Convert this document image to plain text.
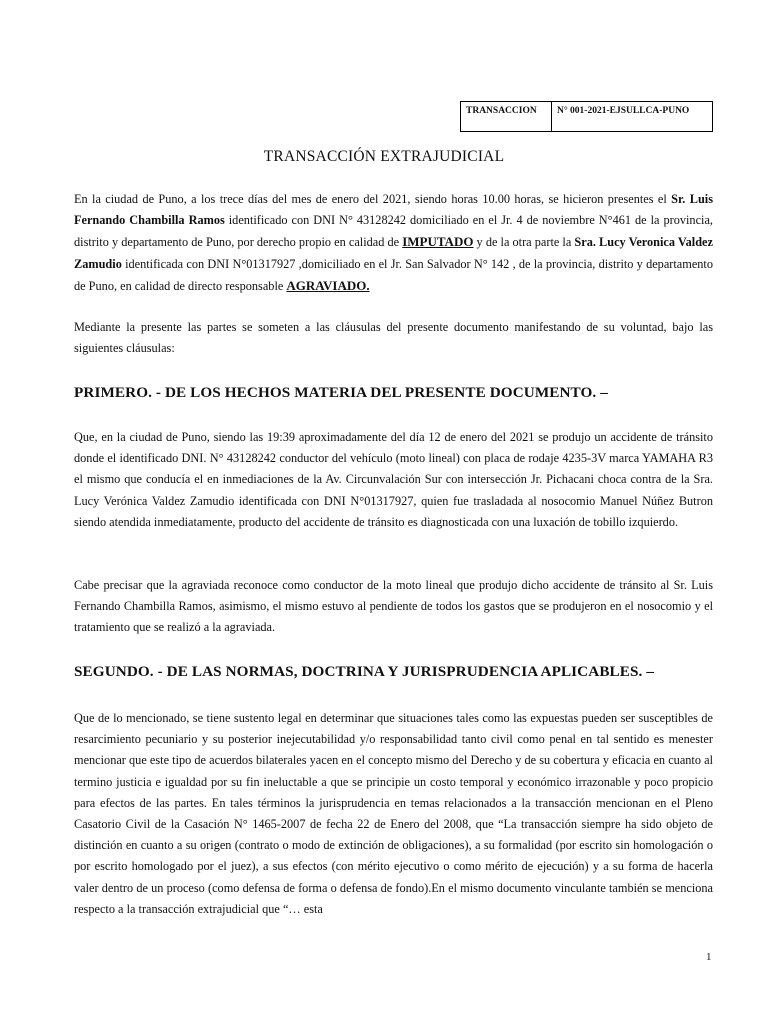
TRANSACCION	N° 001-2021-EJSULLCA-PUNO
TRANSACCIÓN EXTRAJUDICIAL

En la ciudad de Puno, a los trece días del mes de enero del 2021, siendo horas 10.00 horas, se hicieron presentes el Sr. Luis Fernando Chambilla Ramos identificado con DNI N° 43128242 domiciliado en el Jr. 4 de noviembre N°461 de la provincia, distrito y departamento de Puno, por derecho propio en calidad de IMPUTADO y de la otra parte la Sra. Lucy Veronica Valdez Zamudio identificada con DNI N°01317927 ,domiciliado en el Jr. San Salvador N° 142 , de la provincia, distrito y departamento de Puno, en calidad de directo responsable AGRAVIADO.

Mediante la presente las partes se someten a las cláusulas del presente documento manifestando de su voluntad, bajo las siguientes cláusulas:

PRIMERO. - DE LOS HECHOS MATERIA DEL PRESENTE DOCUMENTO. –

Que, en la ciudad de Puno, siendo las 19:39 aproximadamente del día 12 de enero del 2021 se produjo un accidente de tránsito donde el identificado DNI. N° 43128242 conductor del vehículo (moto lineal) con placa de rodaje 4235-3V marca YAMAHA R3 el mismo que conducía el en inmediaciones de la Av. Circunvalación Sur con intersección Jr. Pichacani choca contra de la Sra. Lucy Verónica Valdez Zamudio identificada con DNI N°01317927, quien fue trasladada al nosocomio Manuel Núñez Butron siendo atendida inmediatamente, producto del accidente de tránsito es diagnosticada con una luxación de tobillo izquierdo.

Cabe precisar que la agraviada reconoce como conductor de la moto lineal que produjo dicho accidente de tránsito al Sr. Luis Fernando Chambilla Ramos, asimismo, el mismo estuvo al pendiente de todos los gastos que se produjeron en el nosocomio y el tratamiento que se realizó a la agraviada.

SEGUNDO. - DE LAS NORMAS, DOCTRINA Y JURISPRUDENCIA APLICABLES. –

Que de lo mencionado, se tiene sustento legal en determinar que situaciones tales como las expuestas pueden ser susceptibles de resarcimiento pecuniario y su posterior inejecutabilidad y/o responsabilidad tanto civil como penal en tal sentido es menester mencionar que este tipo de acuerdos bilaterales yacen en el concepto mismo del Derecho y de su cobertura y eficacia en cuanto al termino justicia e igualdad por su fin ineluctable a que se principie un costo temporal y económico irrazonable y poco propicio para efectos de las partes. En tales términos la jurisprudencia en temas relacionados a la transacción mencionan en el Pleno Casatorio Civil de la Casación N° 1465-2007 de fecha 22 de Enero del 2008, que “La transacción siempre ha sido objeto de distinción en cuanto a su origen (contrato o modo de extinción de obligaciones), a su formalidad (por escrito sin homologación o por escrito homologado por el juez), a sus efectos (con mérito ejecutivo o como mérito de ejecución) y a su forma de hacerla valer dentro de un proceso (como defensa de forma o defensa de fondo).En el mismo documento vinculante también se menciona respecto a la transacción extrajudicial que “… esta

1
